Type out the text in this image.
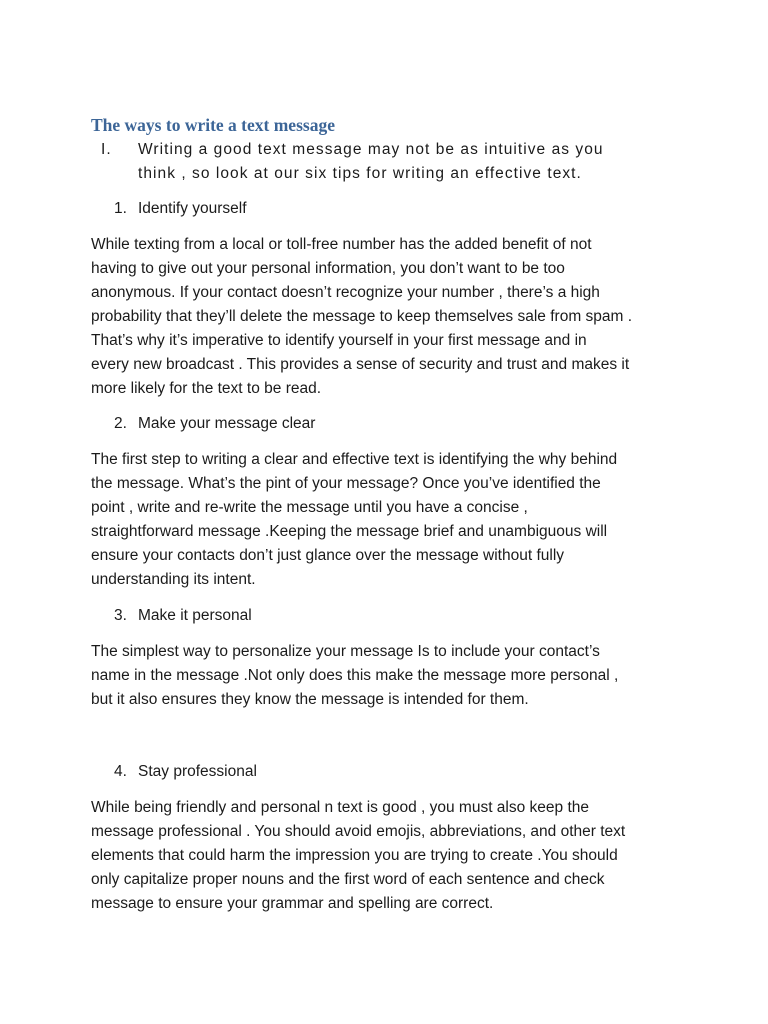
The ways to write a text message
I. Writing a good text message may not be as intuitive as you
think , so look at our six tips for writing an effective text.
1. Identify yourself
While texting from a local or toll-free number has the added benefit of not
having to give out your personal information, you don’t want to be too
anonymous. If your contact doesn’t recognize your number , there’s a high
probability that they’ll delete the message to keep themselves sale from spam .
That’s why it’s imperative to identify yourself in your first message and in
every new broadcast . This provides a sense of security and trust and makes it
more likely for the text to be read.
2. Make your message clear
The first step to writing a clear and effective text is identifying the why behind
the message. What’s the pint of your message? Once you’ve identified the
point , write and re-write the message until you have a concise ,
straightforward message .Keeping the message brief and unambiguous will
ensure your contacts don’t just glance over the message without fully
understanding its intent.
3. Make it personal
The simplest way to personalize your message Is to include your contact’s
name in the message .Not only does this make the message more personal ,
but it also ensures they know the message is intended for them.
4. Stay professional
While being friendly and personal n text is good , you must also keep the
message professional . You should avoid emojis, abbreviations, and other text
elements that could harm the impression you are trying to create .You should
only capitalize proper nouns and the first word of each sentence and check
message to ensure your grammar and spelling are correct.
